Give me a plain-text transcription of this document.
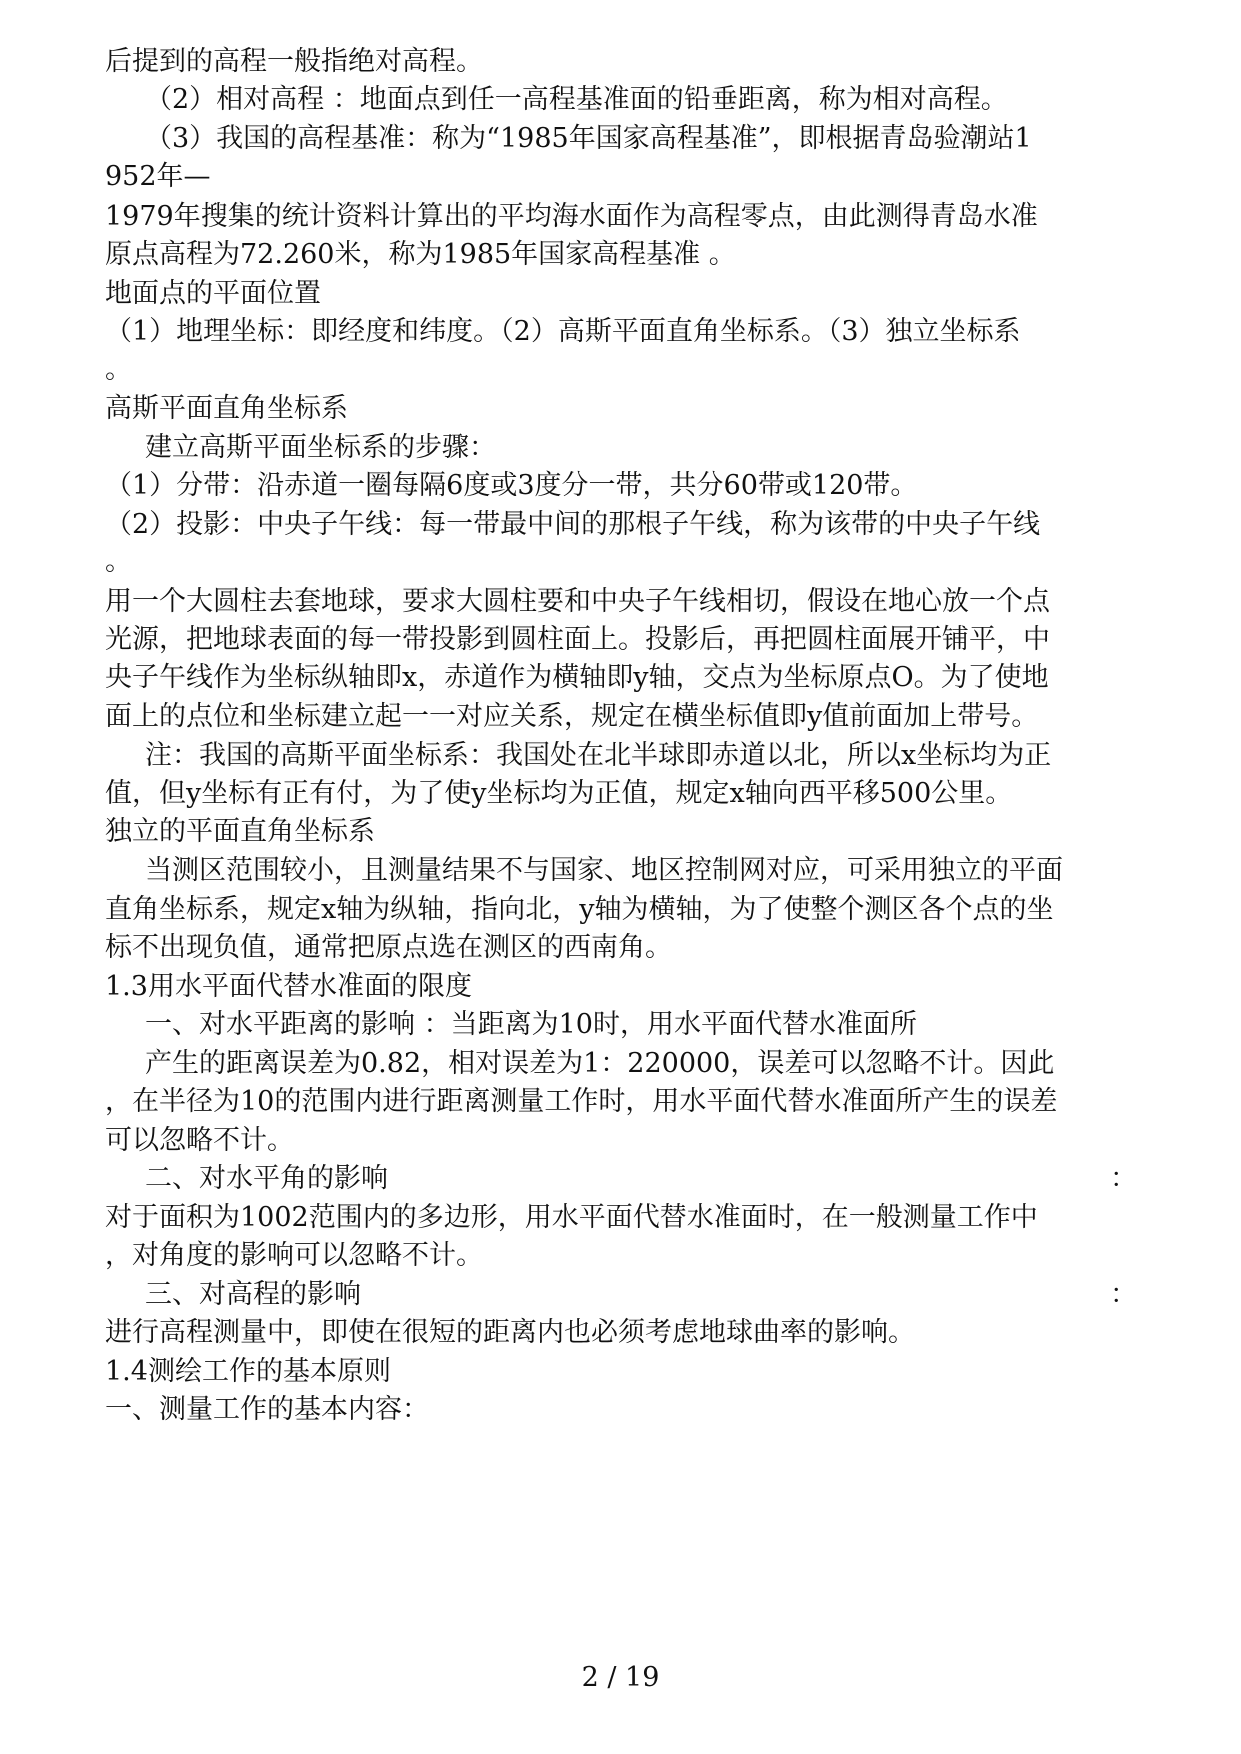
后提到的高程一般指绝对高程。
（2）相对高程 ：地面点到任一高程基准面的铅垂距离，称为相对高程。
（3）我国的高程基准：称为“1985年国家高程基准”，即根据青岛验潮站1
952年—
1979年搜集的统计资料计算出的平均海水面作为高程零点，由此测得青岛水准
原点高程为72.260米，称为1985年国家高程基准 。
地面点的平面位置
（1）地理坐标：即经度和纬度。（2）高斯平面直角坐标系。（3）独立坐标系
。
高斯平面直角坐标系
建立高斯平面坐标系的步骤：
（1）分带：沿赤道一圈每隔6度或3度分一带，共分60带或120带。
（2）投影：中央子午线：每一带最中间的那根子午线，称为该带的中央子午线
。
用一个大圆柱去套地球，要求大圆柱要和中央子午线相切，假设在地心放一个点
光源，把地球表面的每一带投影到圆柱面上。投影后，再把圆柱面展开铺平，中
央子午线作为坐标纵轴即x，赤道作为横轴即y轴，交点为坐标原点O。为了使地
面上的点位和坐标建立起一一对应关系，规定在横坐标值即y值前面加上带号。
注：我国的高斯平面坐标系：我国处在北半球即赤道以北，所以x坐标均为正
值，但y坐标有正有付，为了使y坐标均为正值，规定x轴向西平移500公里。
独立的平面直角坐标系
当测区范围较小，且测量结果不与国家、地区控制网对应，可采用独立的平面
直角坐标系，规定x轴为纵轴，指向北，y轴为横轴，为了使整个测区各个点的坐
标不出现负值，通常把原点选在测区的西南角。
1.3用水平面代替水准面的限度
一、对水平距离的影响 ：当距离为10时，用水平面代替水准面所
产生的距离误差为0.82，相对误差为1：220000，误差可以忽略不计。因此
，在半径为10的范围内进行距离测量工作时，用水平面代替水准面所产生的误差
可以忽略不计。
二、对水平角的影响	：
对于面积为1002范围内的多边形，用水平面代替水准面时，在一般测量工作中
，对角度的影响可以忽略不计。
三、对高程的影响	：
进行高程测量中，即使在很短的距离内也必须考虑地球曲率的影响。
1.4测绘工作的基本原则
一、测量工作的基本内容：
2 / 19
